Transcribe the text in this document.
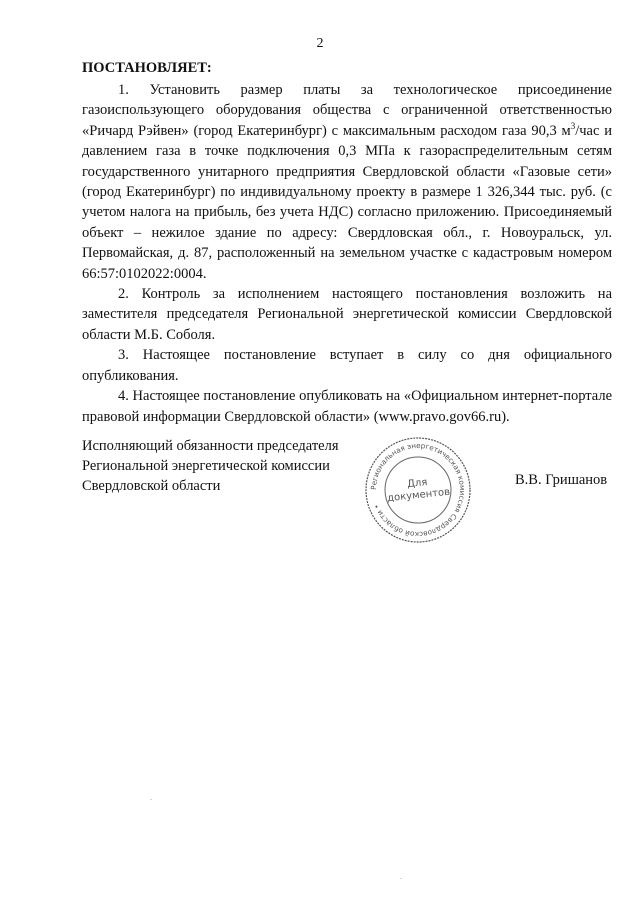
2
ПОСТАНОВЛЯЕТ:

1. Установить размер платы за технологическое присоединение газоиспользующего оборудования общества с ограниченной ответственностью «Ричард Рэйвен» (город Екатеринбург) с максимальным расходом газа 90,3 $м^3$/час и давлением газа в точке подключения 0,3 МПа к газораспределительным сетям государственного унитарного предприятия Свердловской области «Газовые сети» (город Екатеринбург) по индивидуальному проекту в размере 1 326,344 тыс. руб. (с учетом налога на прибыль, без учета НДС) согласно приложению. Присоединяемый объект – нежилое здание по адресу: Свердловская обл., г. Новоуральск, ул. Первомайская, д. 87, расположенный на земельном участке с кадастровым номером 66:57:0102022:0004.

2. Контроль за исполнением настоящего постановления возложить на заместителя председателя Региональной энергетической комиссии Свердловской области М.Б. Соболя.

3. Настоящее постановление вступает в силу со дня официального опубликования.

4. Настоящее постановление опубликовать на «Официальном интернет-портале правовой информации Свердловской области» (www.pravo.gov66.ru).

Исполняющий обязанности председателя
Региональной энергетической комиссии
Свердловской области	В.В. Гришанов
Региональная энергетическая комиссия Свердловской области •
Для
документов
.
.
